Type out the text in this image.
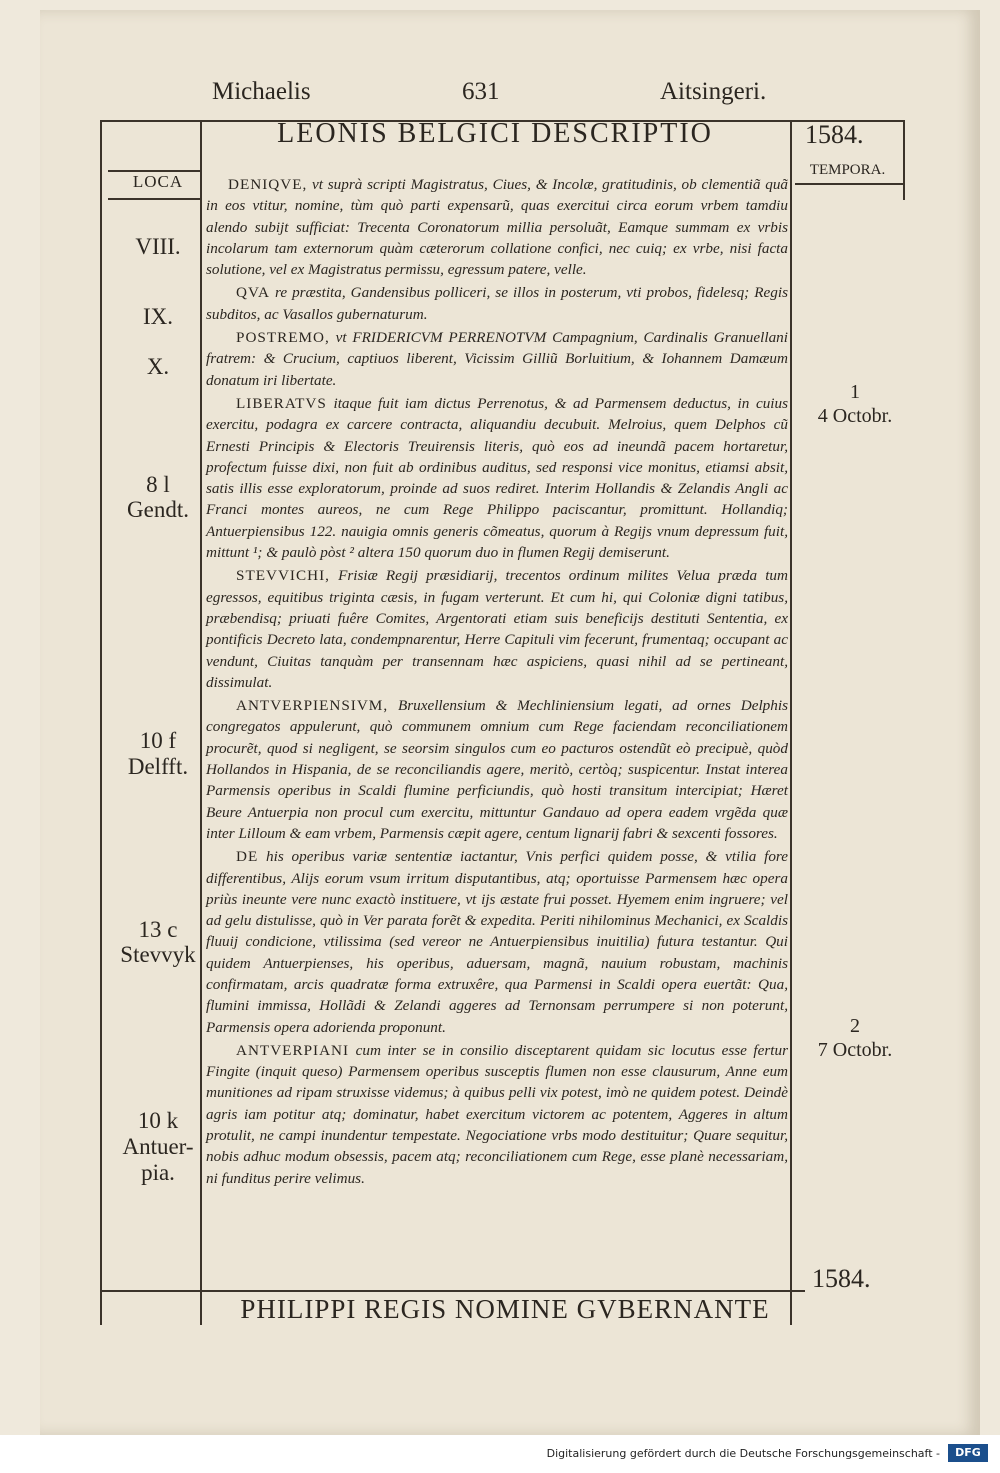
Michaelis	631	Aitsingeri.
LEONIS BELGICI DESCRIPTIO	1584.
LOCA
TEMPORA.
VIII.
IX.
X.
8 l
Gendt.
10 f
Delfft.
13 c
Stevvyk
10 k
Antuer-
pia.
1
4 Octobr.
2
7 Octobr.

DENIQVE, vt suprà scripti Magistratus, Ciues, & Incolæ, gratitudinis, ob clementiã quã in eos vtitur, nomine, tùm quò parti expensarũ, quas exercitui circa eorum vrbem tamdiu alendo subijt sufficiat: Trecenta Coronatorum millia persoluãt, Eamque summam ex vrbis incolarum tam externorum quàm cæterorum collatione confici, nec cuiq; ex vrbe, nisi facta solutione, vel ex Magistratus permissu, egressum patere, velle.

QVA re præstita, Gandensibus polliceri, se illos in posterum, vti probos, fidelesq; Regis subditos, ac Vasallos gubernaturum.

POSTREMO, vt FRIDERICVM PERRENOTVM Campagnium, Cardinalis Granuellani fratrem: & Crucium, captiuos liberent, Vicissim Gilliũ Borluitium, & Iohannem Damæum donatum iri libertate.

LIBERATVS itaque fuit iam dictus Perrenotus, & ad Parmensem deductus, in cuius exercitu, podagra ex carcere contracta, aliquandiu decubuit. Melroius, quem Delphos cũ Ernesti Principis & Electoris Treuirensis literis, quò eos ad ineundã pacem hortaretur, profectum fuisse dixi, non fuit ab ordinibus auditus, sed responsi vice monitus, etiamsi absit, satis illis esse exploratorum, proinde ad suos rediret. Interim Hollandis & Zelandis Angli ac Franci montes aureos, ne cum Rege Philippo paciscantur, promittunt. Hollandiq; Antuerpiensibus 122. nauigia omnis generis cõmeatus, quorum à Regijs vnum depressum fuit, mittunt ¹; & paulò pòst ² altera 150 quorum duo in flumen Regij demiserunt.

STEVVICHI, Frisiæ Regij præsidiarij, trecentos ordinum milites Velua præda tum egressos, equitibus triginta cæsis, in fugam verterunt. Et cum hi, qui Coloniæ digni tatibus, præbendisq; priuati fuêre Comites, Argentorati etiam suis beneficijs destituti Sententia, ex pontificis Decreto lata, condempnarentur, Herre Capituli vim fecerunt, frumentaq; occupant ac vendunt, Ciuitas tanquàm per transennam hæc aspiciens, quasi nihil ad se pertineant, dissimulat.

ANTVERPIENSIVM, Bruxellensium & Mechliniensium legati, ad ornes Delphis congregatos appulerunt, quò communem omnium cum Rege faciendam reconciliationem procurẽt, quod si negligent, se seorsim singulos cum eo pacturos ostendũt eò precipuè, quòd Hollandos in Hispania, de se reconciliandis agere, meritò, certòq; suspicentur. Instat interea Parmensis operibus in Scaldi flumine perficiundis, quò hosti transitum intercipiat; Hæret Beure Antuerpia non procul cum exercitu, mittuntur Gandauo ad opera eadem vrgẽda quæ inter Lilloum & eam vrbem, Parmensis cæpit agere, centum lignarij fabri & sexcenti fossores.

DE his operibus variæ sententiæ iactantur, Vnis perfici quidem posse, & vtilia fore differentibus, Alijs eorum vsum irritum disputantibus, atq; oportuisse Parmensem hæc opera priùs ineunte vere nunc exactò instituere, vt ijs æstate frui posset. Hyemem enim ingruere; vel ad gelu distulisse, quò in Ver parata forẽt & expedita. Periti nihilominus Mechanici, ex Scaldis fluuij condicione, vtilissima (sed vereor ne Antuerpiensibus inuitilia) futura testantur. Qui quidem Antuerpienses, his operibus, aduersam, magnã, nauium robustam, machinis confirmatam, arcis quadratæ forma extruxêre, qua Parmensi in Scaldi opera euertãt: Qua, flumini immissa, Hollãdi & Zelandi aggeres ad Ternonsam perrumpere si non poterunt, Parmensis opera adorienda proponunt.

ANTVERPIANI cum inter se in consilio disceptarent quidam sic locutus esse fertur Fingite (inquit queso) Parmensem operibus susceptis flumen non esse clausurum, Anne eum munitiones ad ripam struxisse videmus; à quibus pelli vix potest, imò ne quidem potest. Deindè agris iam potitur atq; dominatur, habet exercitum victorem ac potentem, Aggeres in altum protulit, ne campi inundentur tempestate. Negociatione vrbs modo destituitur; Quare sequitur, nobis adhuc modum obsessis, pacem atq; reconciliationem cum Rege, esse planè necessariam, ni funditus perire velimus.

1584.
PHILIPPI REGIS NOMINE GVBERNANTE
Digitalisierung gefördert durch die Deutsche Forschungsgemeinschaft -	DFG
